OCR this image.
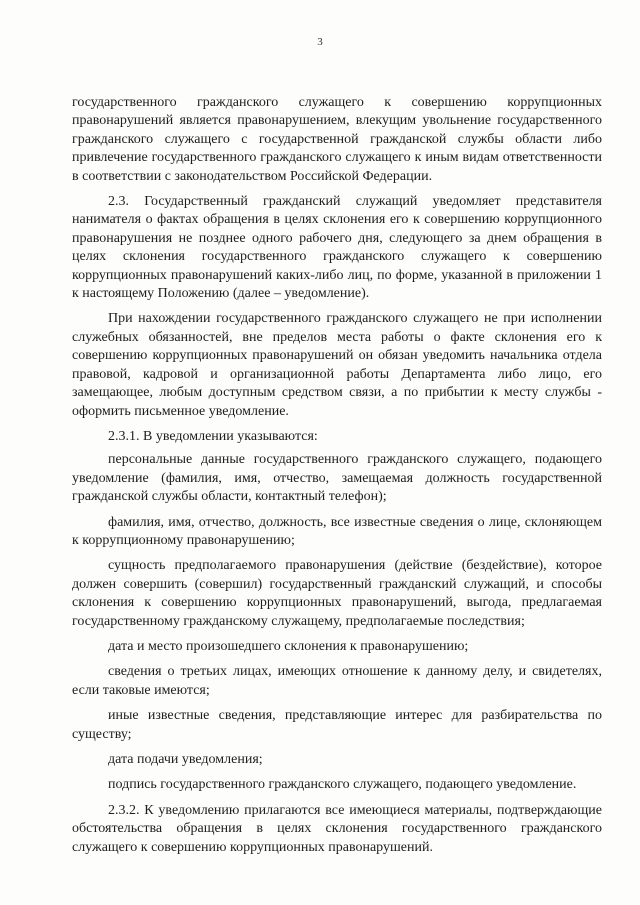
3

государственного гражданского служащего к совершению коррупционных правонарушений является правонарушением, влекущим увольнение государственного гражданского служащего с государственной гражданской службы области либо привлечение государственного гражданского служащего к иным видам ответственности в соответствии с законодательством Российской Федерации.

2.3. Государственный гражданский служащий уведомляет представителя нанимателя о фактах обращения в целях склонения его к совершению коррупционного правонарушения не позднее одного рабочего дня, следующего за днем обращения в целях склонения государственного гражданского служащего к совершению коррупционных правонарушений каких-либо лиц, по форме, указанной в приложении 1 к настоящему Положению (далее – уведомление).

При нахождении государственного гражданского служащего не при исполнении служебных обязанностей, вне пределов места работы о факте склонения его к совершению коррупционных правонарушений он обязан уведомить начальника отдела правовой, кадровой и организационной работы Департамента либо лицо, его замещающее, любым доступным средством связи, а по прибытии к месту службы - оформить письменное уведомление.

2.3.1. В уведомлении указываются:

персональные данные государственного гражданского служащего, подающего уведомление (фамилия, имя, отчество, замещаемая должность государственной гражданской службы области, контактный телефон);

фамилия, имя, отчество, должность, все известные сведения о лице, склоняющем к коррупционному правонарушению;

сущность предполагаемого правонарушения (действие (бездействие), которое должен совершить (совершил) государственный гражданский служащий, и способы склонения к совершению коррупционных правонарушений, выгода, предлагаемая государственному гражданскому служащему, предполагаемые последствия;

дата и место произошедшего склонения к правонарушению;

сведения о третьих лицах, имеющих отношение к данному делу, и свидетелях, если таковые имеются;

иные известные сведения, представляющие интерес для разбирательства по существу;

дата подачи уведомления;

подпись государственного гражданского служащего, подающего уведомление.

2.3.2. К уведомлению прилагаются все имеющиеся материалы, подтверждающие обстоятельства обращения в целях склонения государственного гражданского служащего к совершению коррупционных правонарушений.
